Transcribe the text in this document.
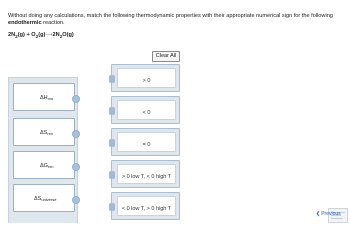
Without doing any calculations, match the following thermodynamic properties with their appropriate numerical sign for the following endothermic reaction.
$2N_2(g)$ + $O_2(g)⟶2N_2O(g)$
Clear All
$\Delta H_{rxn}$
$\Delta S_{rxn}$
$\Delta G_{rxn}$
$\Delta S_{universe}$
> 0
< 0
= 0
> 0 low T, < 0 high T
< 0 low T, > 0 high T
❮Previous
